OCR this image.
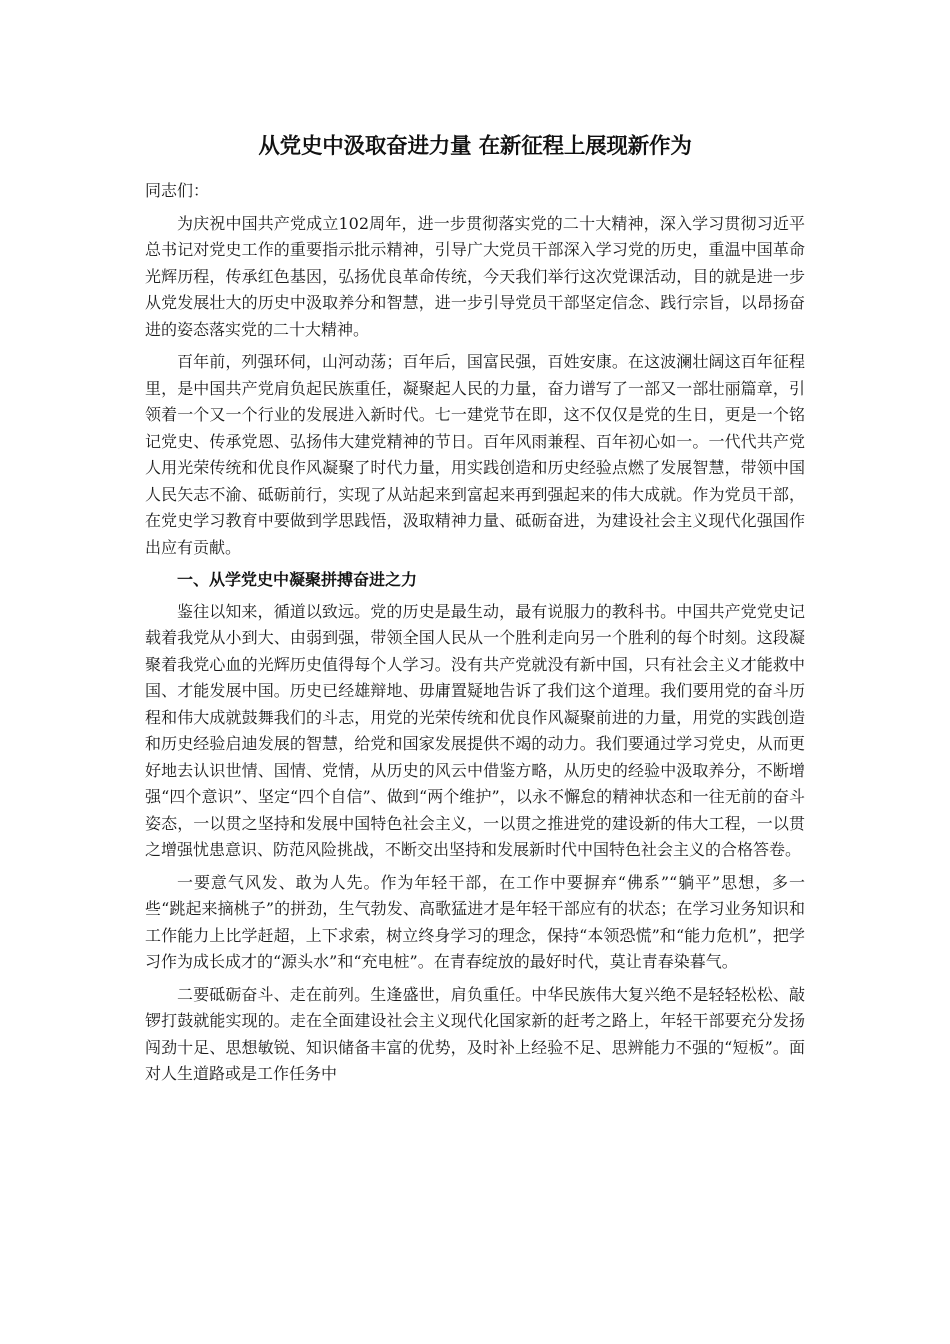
从党史中汲取奋进力量 在新征程上展现新作为

同志们：

为庆祝中国共产党成立102周年，进一步贯彻落实党的二十大精神，深入学习贯彻习近平总书记对党史工作的重要指示批示精神，引导广大党员干部深入学习党的历史，重温中国革命光辉历程，传承红色基因，弘扬优良革命传统，今天我们举行这次党课活动，目的就是进一步从党发展壮大的历史中汲取养分和智慧，进一步引导党员干部坚定信念、践行宗旨，以昂扬奋进的姿态落实党的二十大精神。

百年前，列强环伺，山河动荡；百年后，国富民强，百姓安康。在这波澜壮阔这百年征程里，是中国共产党肩负起民族重任，凝聚起人民的力量，奋力谱写了一部又一部壮丽篇章，引领着一个又一个行业的发展进入新时代。七一建党节在即，这不仅仅是党的生日，更是一个铭记党史、传承党恩、弘扬伟大建党精神的节日。百年风雨兼程、百年初心如一。一代代共产党人用光荣传统和优良作风凝聚了时代力量，用实践创造和历史经验点燃了发展智慧，带领中国人民矢志不渝、砥砺前行，实现了从站起来到富起来再到强起来的伟大成就。作为党员干部，在党史学习教育中要做到学思践悟，汲取精神力量、砥砺奋进，为建设社会主义现代化强国作出应有贡献。

一、从学党史中凝聚拼搏奋进之力

鉴往以知来，循道以致远。党的历史是最生动，最有说服力的教科书。中国共产党党史记载着我党从小到大、由弱到强，带领全国人民从一个胜利走向另一个胜利的每个时刻。这段凝聚着我党心血的光辉历史值得每个人学习。没有共产党就没有新中国，只有社会主义才能救中国、才能发展中国。历史已经雄辩地、毋庸置疑地告诉了我们这个道理。我们要用党的奋斗历程和伟大成就鼓舞我们的斗志，用党的光荣传统和优良作风凝聚前进的力量，用党的实践创造和历史经验启迪发展的智慧，给党和国家发展提供不竭的动力。我们要通过学习党史，从而更好地去认识世情、国情、党情，从历史的风云中借鉴方略，从历史的经验中汲取养分，不断增强“四个意识”、坚定“四个自信”、做到“两个维护”，以永不懈怠的精神状态和一往无前的奋斗姿态，一以贯之坚持和发展中国特色社会主义，一以贯之推进党的建设新的伟大工程，一以贯之增强忧患意识、防范风险挑战，不断交出坚持和发展新时代中国特色社会主义的合格答卷。

一要意气风发、敢为人先。作为年轻干部，在工作中要摒弃“佛系”“躺平”思想，多一些“跳起来摘桃子”的拼劲，生气勃发、高歌猛进才是年轻干部应有的状态；在学习业务知识和工作能力上比学赶超，上下求索，树立终身学习的理念，保持“本领恐慌”和“能力危机”，把学习作为成长成才的“源头水”和“充电桩”。在青春绽放的最好时代，莫让青春染暮气。

二要砥砺奋斗、走在前列。生逢盛世，肩负重任。中华民族伟大复兴绝不是轻轻松松、敲锣打鼓就能实现的。走在全面建设社会主义现代化国家新的赶考之路上，年轻干部要充分发扬闯劲十足、思想敏锐、知识储备丰富的优势，及时补上经验不足、思辨能力不强的“短板”。面对人生道路或是工作任务中
